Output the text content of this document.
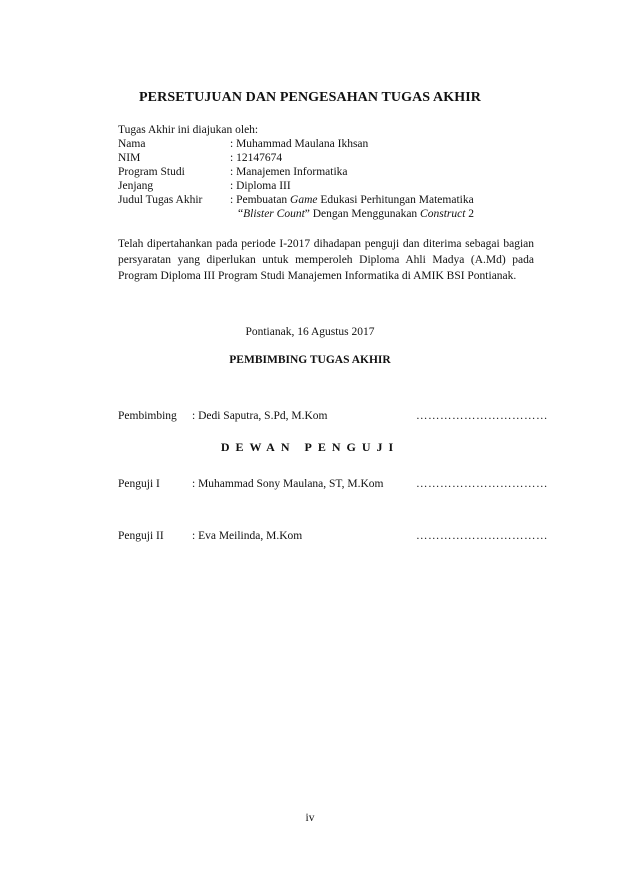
PERSETUJUAN DAN PENGESAHAN TUGAS AKHIR
Tugas Akhir ini diajukan oleh:
Nama	: Muhammad Maulana Ikhsan
NIM	: 12147674
Program Studi	: Manajemen Informatika
Jenjang	: Diploma III
Judul Tugas Akhir : Pembuatan Game Edukasi Perhitungan Matematika
“Blister Count” Dengan Menggunakan Construct 2
Telah dipertahankan pada periode I-2017 dihadapan penguji dan diterima sebagai bagian persyaratan yang diperlukan untuk memperoleh Diploma Ahli Madya (A.Md) pada Program Diploma III Program Studi Manajemen Informatika di AMIK BSI Pontianak.
Pontianak, 16 Agustus 2017
PEMBIMBING TUGAS AKHIR
Pembimbing : Dedi Saputra, S.Pd, M.Kom	……………………………
DEWAN PENGUJI
Penguji I	: Muhammad Sony Maulana, ST, M.Kom	……………………………
Penguji II : Eva Meilinda, M.Kom	……………………………
iv
